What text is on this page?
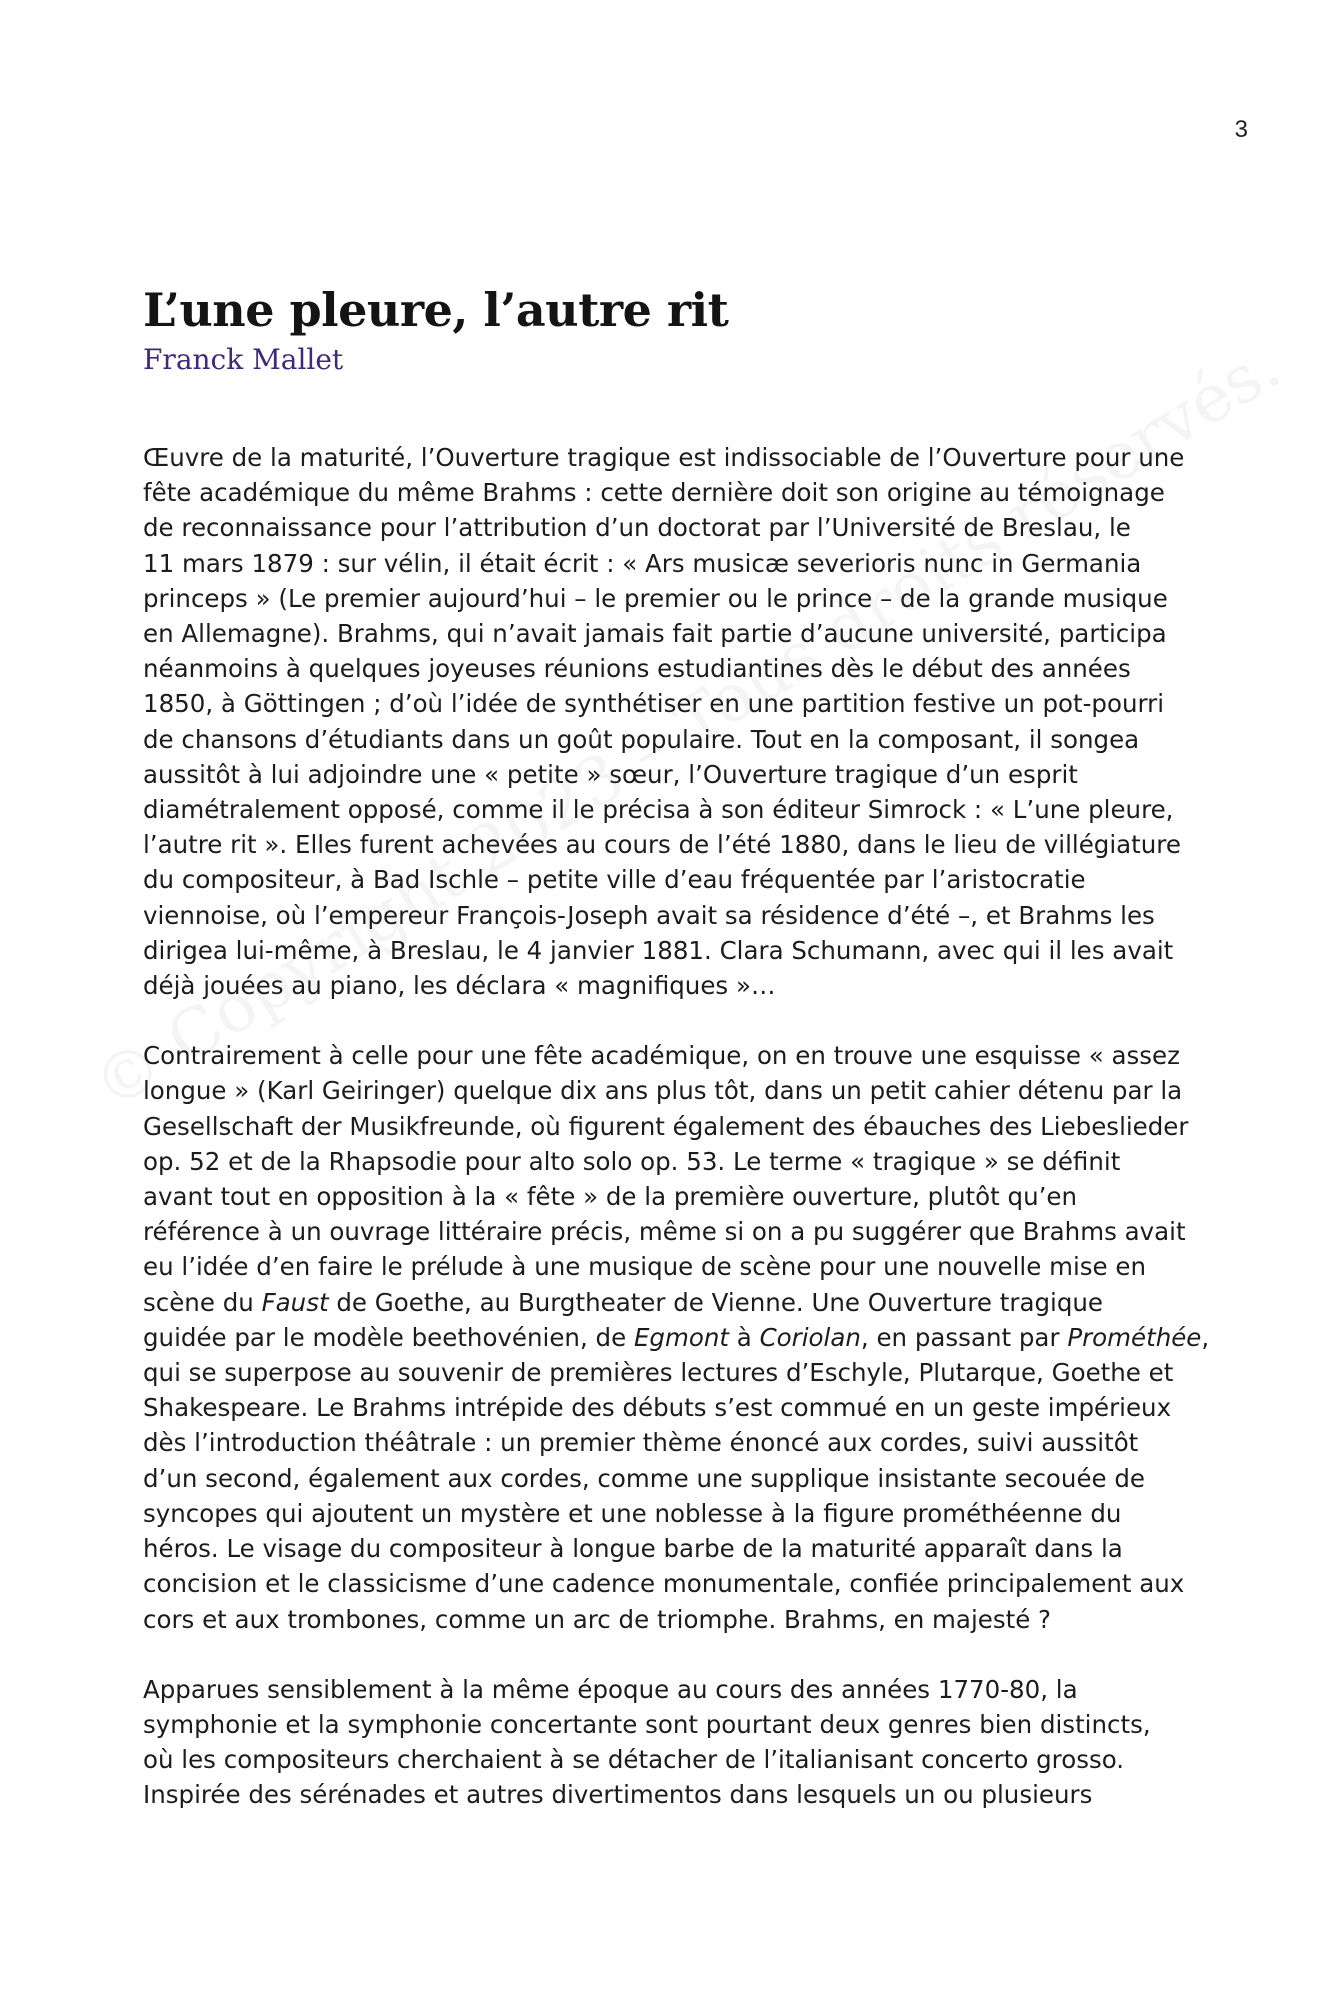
3
L’une pleure, l’autre rit
Franck Mallet

Œuvre de la maturité, l’Ouverture tragique est indissociable de l’Ouverture pour une
fête académique du même Brahms : cette dernière doit son origine au témoignage
de reconnaissance pour l’attribution d’un doctorat par l’Université de Breslau, le
11 mars 1879 : sur vélin, il était écrit : « Ars musicæ severioris nunc in Germania
princeps » (Le premier aujourd’hui – le premier ou le prince – de la grande musique
en Allemagne). Brahms, qui n’avait jamais fait partie d’aucune université, participa
néanmoins à quelques joyeuses réunions estudiantines dès le début des années
1850, à Göttingen ; d’où l’idée de synthétiser en une partition festive un pot-pourri
de chansons d’étudiants dans un goût populaire. Tout en la composant, il songea
aussitôt à lui adjoindre une « petite » sœur, l’Ouverture tragique d’un esprit
diamétralement opposé, comme il le précisa à son éditeur Simrock : « L’une pleure,
l’autre rit ». Elles furent achevées au cours de l’été 1880, dans le lieu de villégiature
du compositeur, à Bad Ischle – petite ville d’eau fréquentée par l’aristocratie
viennoise, où l’empereur François-Joseph avait sa résidence d’été –, et Brahms les
dirigea lui-même, à Breslau, le 4 janvier 1881. Clara Schumann, avec qui il les avait
déjà jouées au piano, les déclara « magnifiques »…

Contrairement à celle pour une fête académique, on en trouve une esquisse « assez
longue » (Karl Geiringer) quelque dix ans plus tôt, dans un petit cahier détenu par la
Gesellschaft der Musikfreunde, où figurent également des ébauches des Liebeslieder
op. 52 et de la Rhapsodie pour alto solo op. 53. Le terme « tragique » se définit
avant tout en opposition à la « fête » de la première ouverture, plutôt qu’en
référence à un ouvrage littéraire précis, même si on a pu suggérer que Brahms avait
eu l’idée d’en faire le prélude à une musique de scène pour une nouvelle mise en
scène du Faust de Goethe, au Burgtheater de Vienne. Une Ouverture tragique
guidée par le modèle beethovénien, de Egmont à Coriolan, en passant par Prométhée,
qui se superpose au souvenir de premières lectures d’Eschyle, Plutarque, Goethe et
Shakespeare. Le Brahms intrépide des débuts s’est commué en un geste impérieux
dès l’introduction théâtrale : un premier thème énoncé aux cordes, suivi aussitôt
d’un second, également aux cordes, comme une supplique insistante secouée de
syncopes qui ajoutent un mystère et une noblesse à la figure prométhéenne du
héros. Le visage du compositeur à longue barbe de la maturité apparaît dans la
concision et le classicisme d’une cadence monumentale, confiée principalement aux
cors et aux trombones, comme un arc de triomphe. Brahms, en majesté ?

Apparues sensiblement à la même époque au cours des années 1770-80, la
symphonie et la symphonie concertante sont pourtant deux genres bien distincts,
où les compositeurs cherchaient à se détacher de l’italianisant concerto grosso.
Inspirée des sérénades et autres divertimentos dans lesquels un ou plusieurs
